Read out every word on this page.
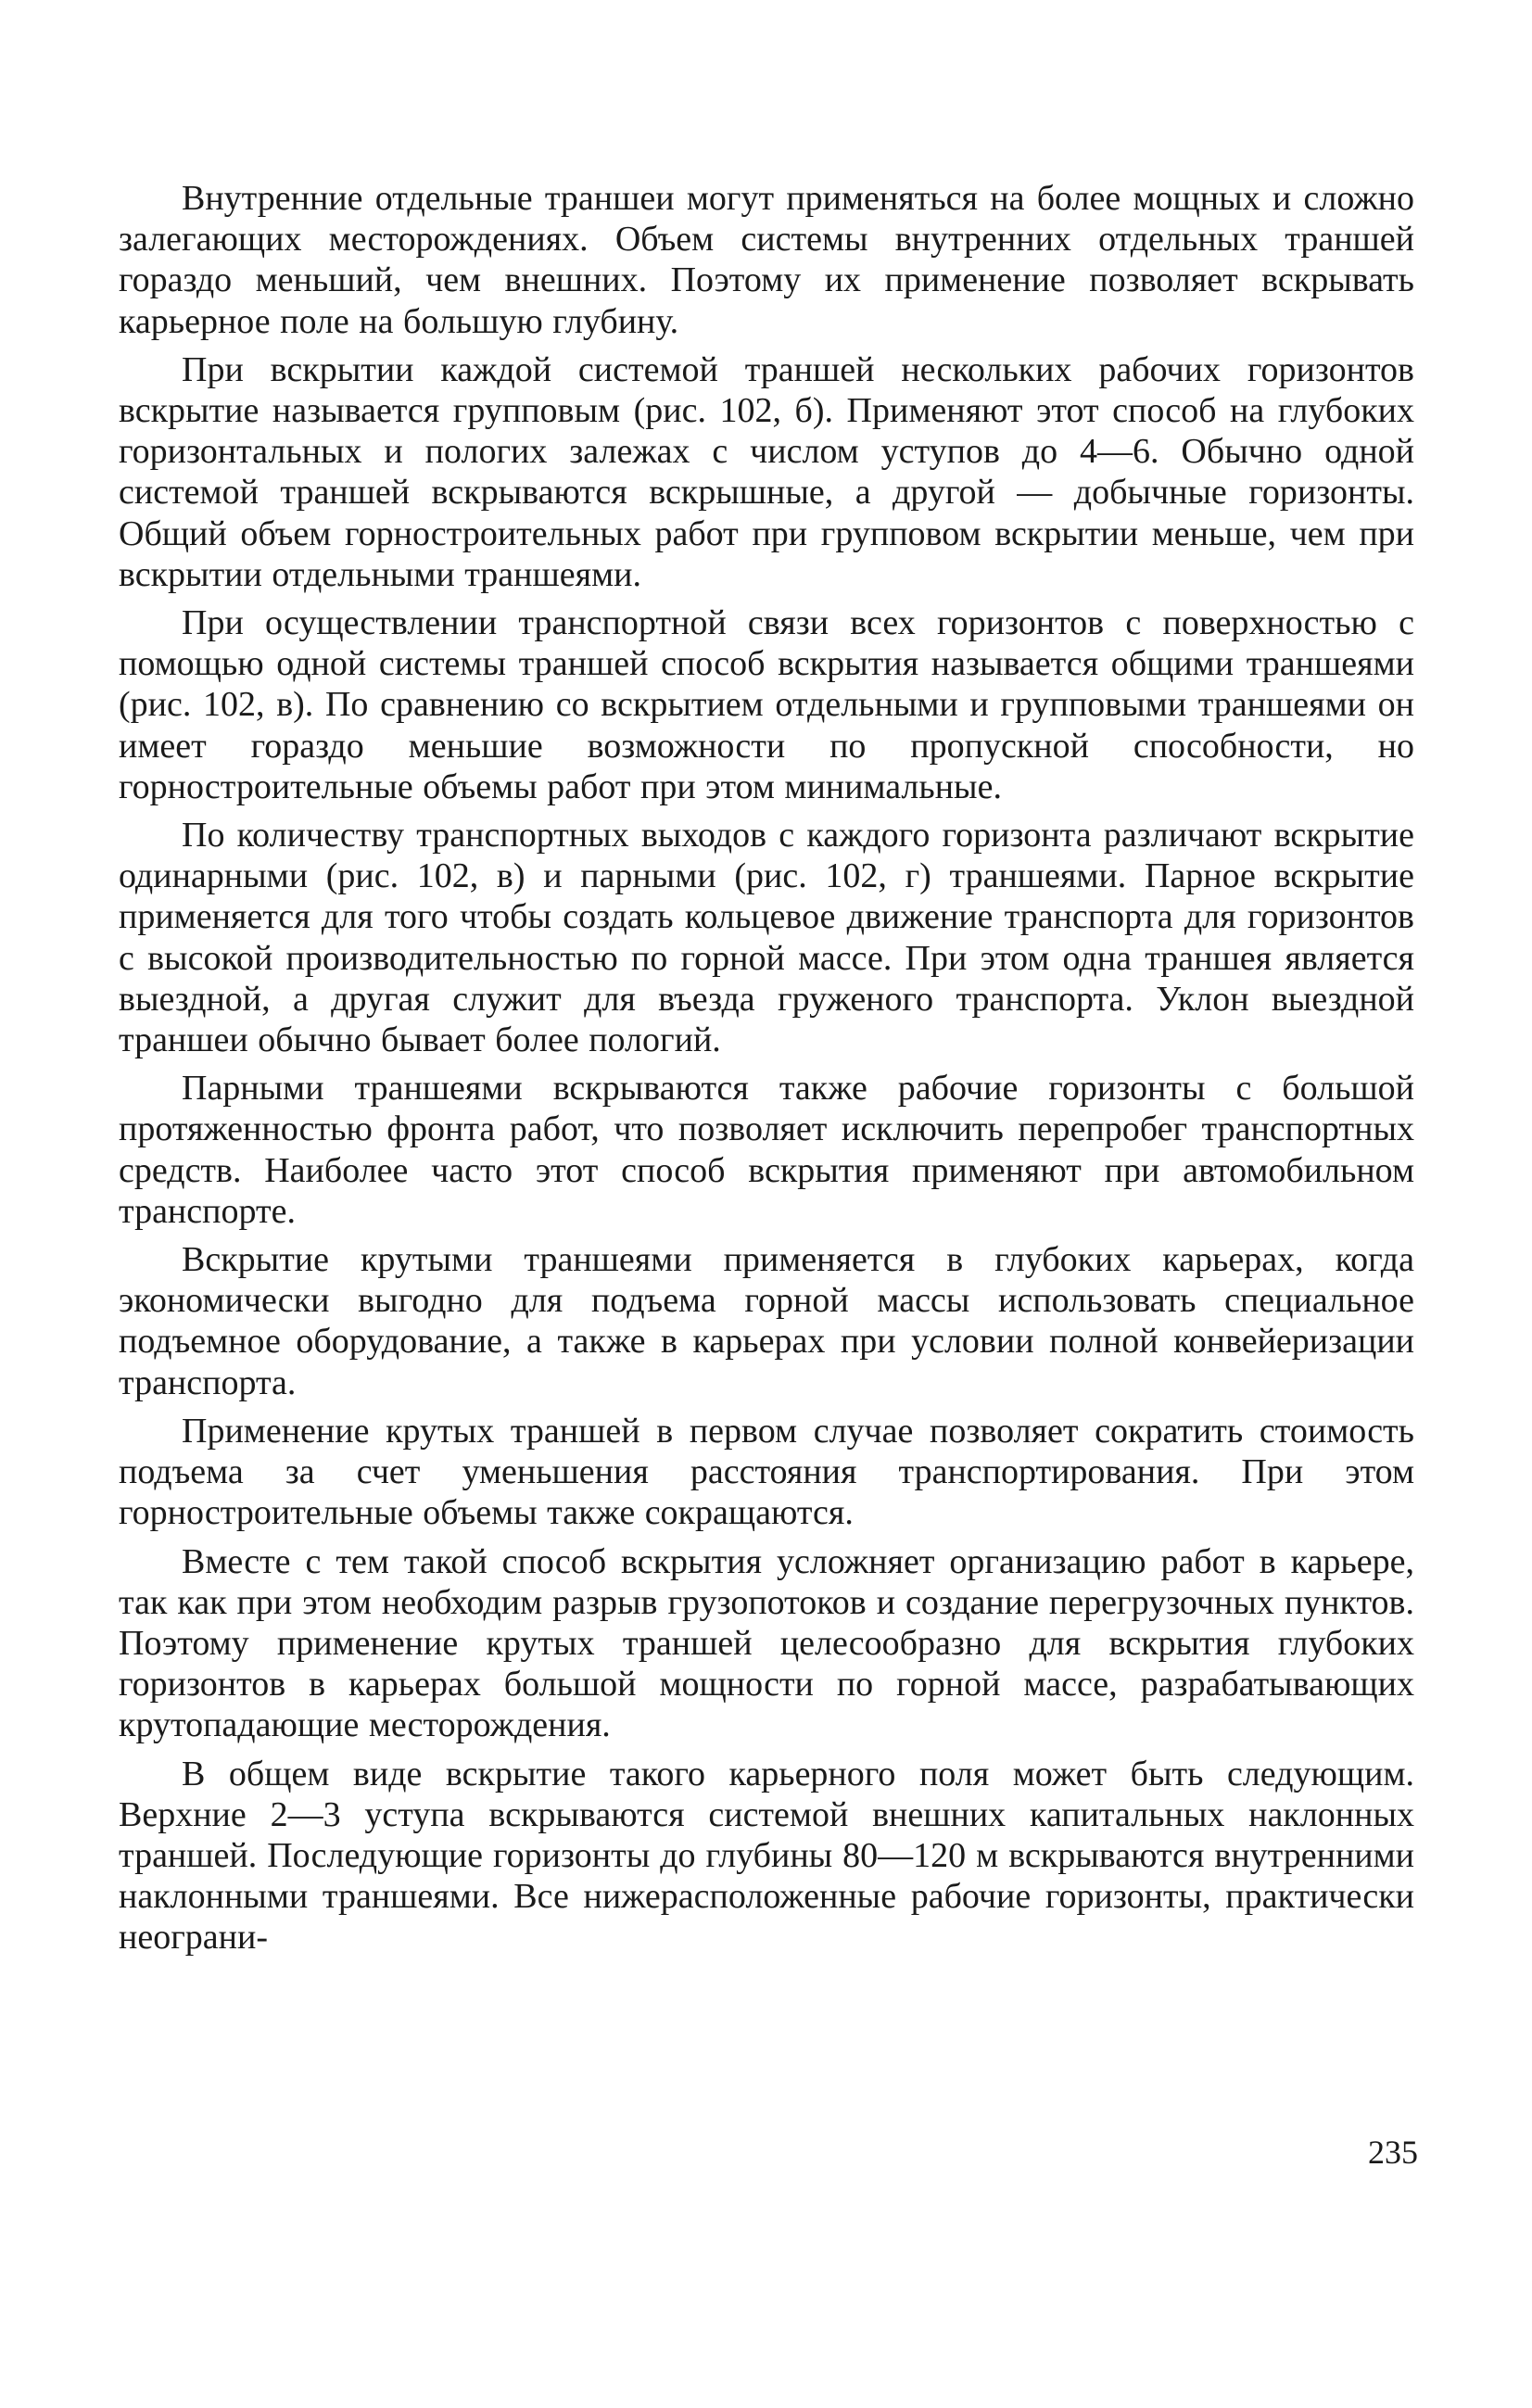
Внутренние отдельные траншеи могут применяться на более мощных и сложно залегающих месторождениях. Объем системы внутренних отдельных траншей гораздо меньший, чем внешних. Поэтому их применение позволяет вскрывать карьерное поле на большую глубину.

При вскрытии каждой системой траншей нескольких рабочих горизонтов вскрытие называется групповым (рис. 102, б). Применяют этот способ на глубоких горизонтальных и пологих залежах с числом уступов до 4—6. Обычно одной системой траншей вскрываются вскрышные, а другой — добычные горизонты. Общий объем горностроительных работ при групповом вскрытии меньше, чем при вскрытии отдельными траншеями.

При осуществлении транспортной связи всех горизонтов с поверхностью с помощью одной системы траншей способ вскрытия называется общими траншеями (рис. 102, в). По сравнению со вскрытием отдельными и групповыми траншеями он имеет гораздо меньшие возможности по пропускной способности, но горностроительные объемы работ при этом минимальные.

По количеству транспортных выходов с каждого горизонта различают вскрытие одинарными (рис. 102, в) и парными (рис. 102, г) траншеями. Парное вскрытие применяется для того чтобы создать кольцевое движение транспорта для горизонтов с высокой производительностью по горной массе. При этом одна траншея является выездной, а другая служит для въезда груженого транспорта. Уклон выездной траншеи обычно бывает более пологий.

Парными траншеями вскрываются также рабочие горизонты с большой протяженностью фронта работ, что позволяет исключить перепробег транспортных средств. Наиболее часто этот способ вскрытия применяют при автомобильном транспорте.

Вскрытие крутыми траншеями применяется в глубоких карьерах, когда экономически выгодно для подъема горной массы использовать специальное подъемное оборудование, а также в карьерах при условии полной конвейеризации транспорта.

Применение крутых траншей в первом случае позволяет сократить стоимость подъема за счет уменьшения расстояния транспортирования. При этом горностроительные объемы также сокращаются.

Вместе с тем такой способ вскрытия усложняет организацию работ в карьере, так как при этом необходим разрыв грузопотоков и создание перегрузочных пунктов. Поэтому применение крутых траншей целесообразно для вскрытия глубоких горизонтов в карьерах большой мощности по горной массе, разрабатывающих крутопадающие месторождения.

В общем виде вскрытие такого карьерного поля может быть следующим. Верхние 2—3 уступа вскрываются системой внешних капитальных наклонных траншей. Последующие горизонты до глубины 80—120 м вскрываются внутренними наклонными траншеями. Все нижерасположенные рабочие горизонты, практически неограни-

235
